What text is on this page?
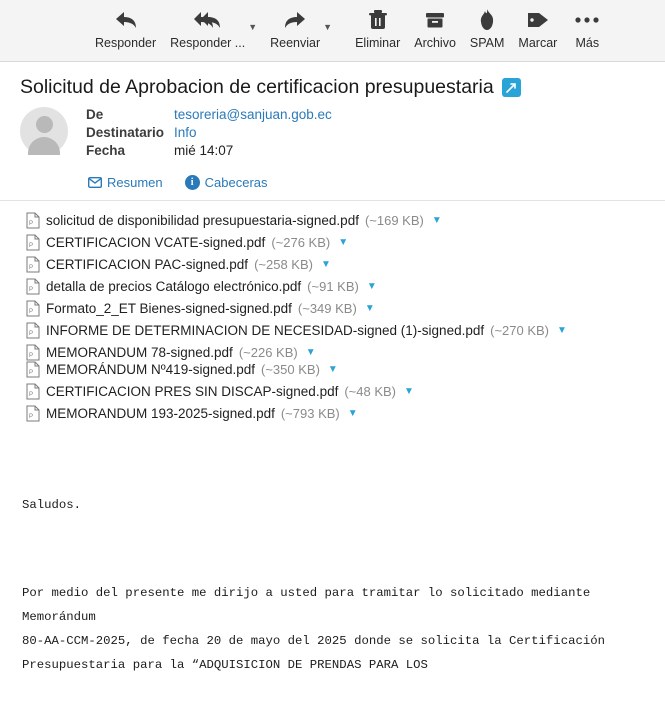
Responder Responder ...
▼
Reenviar
▼
Eliminar Archivo SPAM Marcar Más
Solicitud de Aprobacion de certificacion presupuestaria
De	tesoreria@sanjuan.gob.ec
Destinatario Info
Fecha	mié 14:07
Resumen	i Cabeceras
P solicitud de disponibilidad presupuestaria-signed.pdf (~169 KB) ▼
P CERTIFICACION VCATE-signed.pdf (~276 KB) ▼
P CERTIFICACION PAC-signed.pdf (~258 KB) ▼
P detalla de precios Catálogo electrónico.pdf (~91 KB) ▼
P Formato_2_ET Bienes-signed-signed.pdf (~349 KB) ▼
P INFORME DE DETERMINACION DE NECESIDAD-signed (1)-signed.pdf (~270 KB) ▼
P MEMORANDUM 78-signed.pdf (~226 KB) ▼
P MEMORÁNDUM Nº419-signed.pdf (~350 KB) ▼
P CERTIFICACION PRES SIN DISCAP-signed.pdf (~48 KB) ▼
P MEMORANDUM 193-2025-signed.pdf (~793 KB) ▼

Saludos.

Por medio del presente me dirijo a usted para tramitar lo solicitado mediante Memorándum
80-AA-CCM-2025, de fecha 20 de mayo del 2025 donde se solicita la Certificación
Presupuestaria para la “ADQUISICION DE PRENDAS PARA LOS
